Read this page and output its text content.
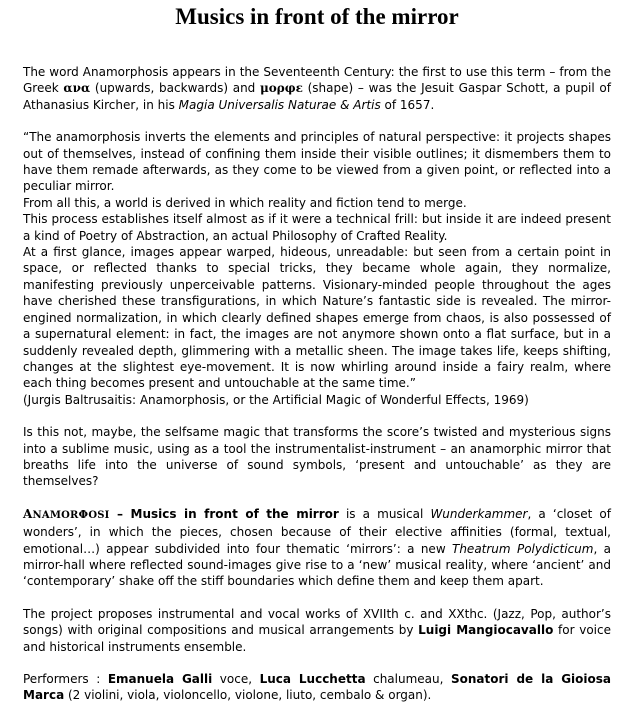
Musics in front of the mirror

The word Anamorphosis appears in the Seventeenth Century: the first to use this term – from the Greek ανα (upwards, backwards) and μορφε (shape) – was the Jesuit Gaspar Schott, a pupil of Athanasius Kircher, in his Magia Universalis Naturae & Artis of 1657.

“The anamorphosis inverts the elements and principles of natural perspective: it projects shapes out of themselves, instead of confining them inside their visible outlines; it dismembers them to have them remade afterwards, as they come to be viewed from a given point, or reflected into a peculiar mirror.

From all this, a world is derived in which reality and fiction tend to merge.

This process establishes itself almost as if it were a technical frill: but inside it are indeed present a kind of Poetry of Abstraction, an actual Philosophy of Crafted Reality.

At a first glance, images appear warped, hideous, unreadable: but seen from a certain point in space, or reflected thanks to special tricks, they became whole again, they normalize, manifesting previously unperceivable patterns. Visionary-minded people throughout the ages have cherished these transfigurations, in which Nature’s fantastic side is revealed. The mirror-engined normalization, in which clearly defined shapes emerge from chaos, is also possessed of a supernatural element: in fact, the images are not anymore shown onto a flat surface, but in a suddenly revealed depth, glimmering with a metallic sheen. The image takes life, keeps shifting, changes at the slightest eye-movement. It is now whirling around inside a fairy realm, where each thing becomes present and untouchable at the same time.”

(Jurgis Baltrusaitis: Anamorphosis, or the Artificial Magic of Wonderful Effects, 1969)

Is this not, maybe, the selfsame magic that transforms the score’s twisted and mysterious signs into a sublime music, using as a tool the instrumentalist-instrument – an anamorphic mirror that breaths life into the universe of sound symbols, ‘present and untouchable’ as they are themselves?

ANAMORΦOSI – Musics in front of the mirror is a musical Wunderkammer, a ‘closet of wonders’, in which the pieces, chosen because of their elective affinities (formal, textual, emotional…) appear subdivided into four thematic ‘mirrors’: a new Theatrum Polydicticum, a mirror-hall where reflected sound-images give rise to a ‘new’ musical reality, where ‘ancient’ and ‘contemporary’ shake off the stiff boundaries which define them and keep them apart.

The project proposes instrumental and vocal works of XVIIth c. and XXthc. (Jazz, Pop, author’s songs) with original compositions and musical arrangements by Luigi Mangiocavallo for voice and historical instruments ensemble.

Performers : Emanuela Galli voce, Luca Lucchetta chalumeau, Sonatori de la Gioiosa Marca (2 violini, viola, violoncello, violone, liuto, cembalo & organ).
